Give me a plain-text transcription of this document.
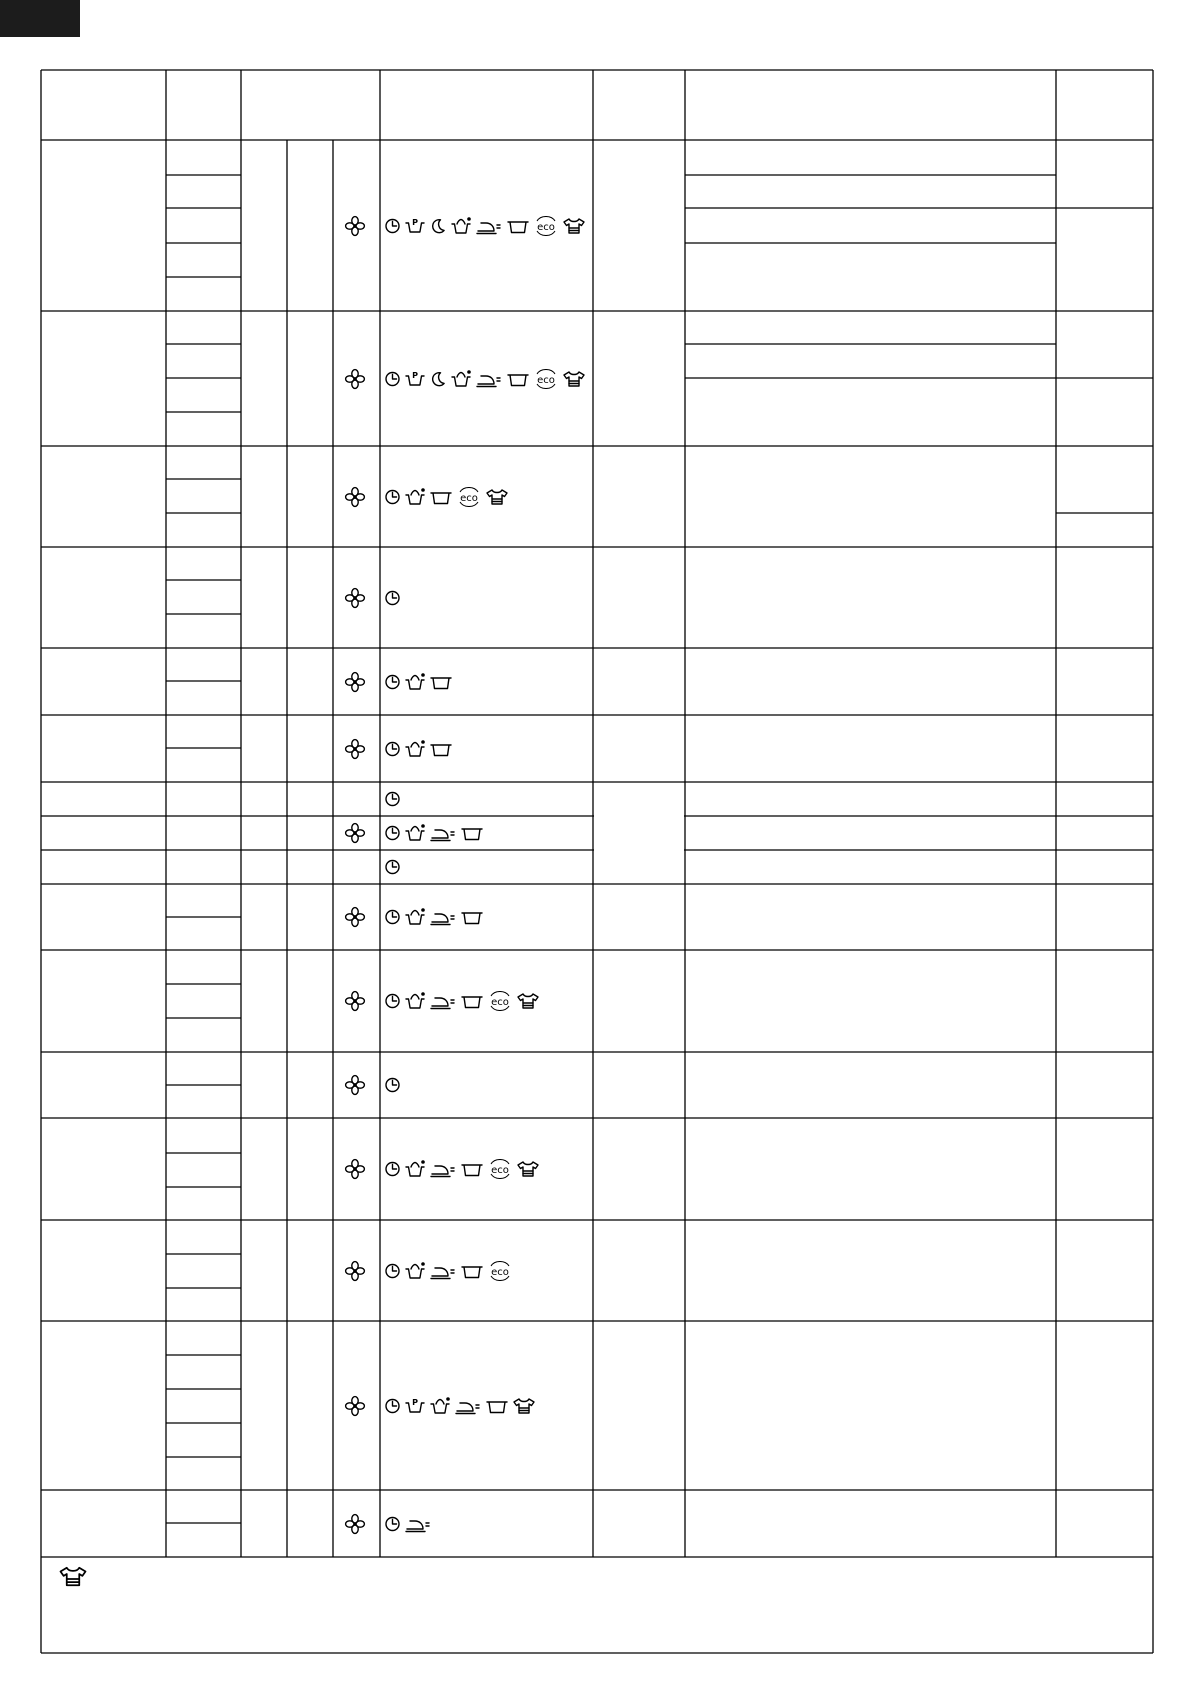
P	eco
P	eco
eco
eco
eco
eco
P
